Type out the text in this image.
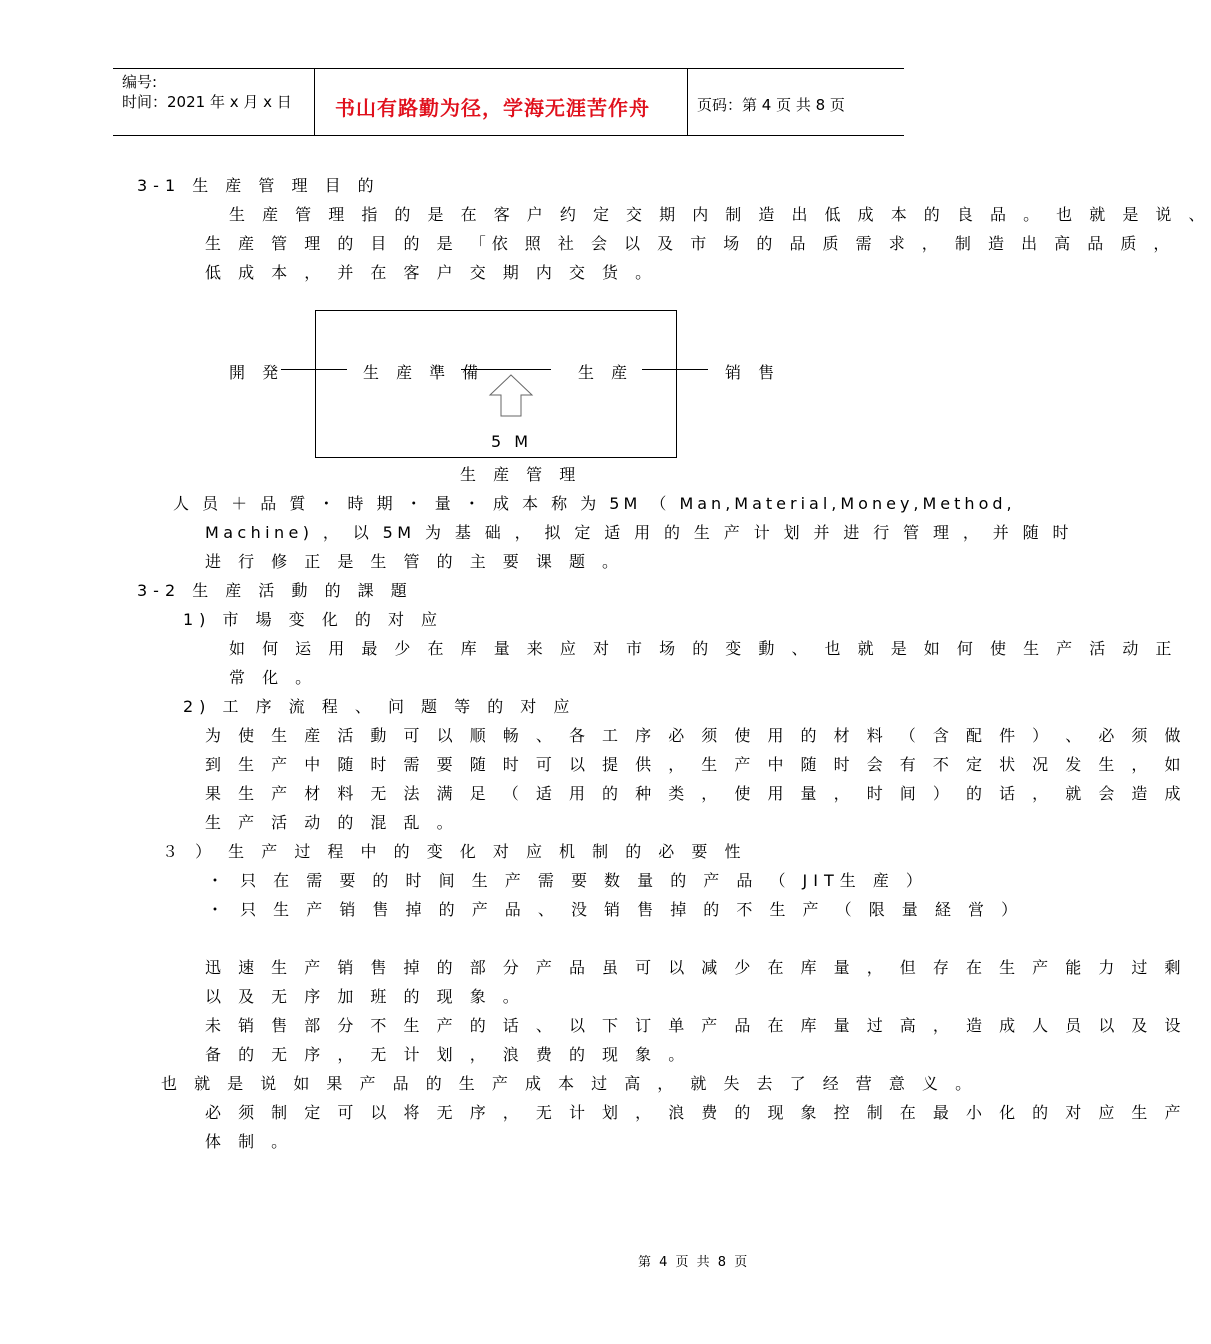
编号:
时间：2021 年 x 月 x 日 书山有路勤为径，学海无涯苦作舟	页码：第 4 页 共 8 页
3-1 生 産 管 理 目 的
生 産 管 理 指 的 是 在 客 户 约 定 交 期 内 制 造 出 低 成 本 的 良 品 。 也 就 是 说 、
生 産 管 理 的 目 的 是 「依 照 社 会 以 及 市 场 的 品 质 需 求 ， 制 造 出 高 品 质 ，
低 成 本 ， 并 在 客 户 交 期 内 交 货 。
開 発	生 産 準 備	生 産	销 售
5 M
生 産 管 理
人 员 ＋ 品 質 ・ 時 期 ・ 量 ・ 成 本 称 为 5M （ Man,Material,Money,Method,
Machine) ， 以 5M 为 基 础 ， 拟 定 适 用 的 生 产 计 划 并 进 行 管 理 ， 并 随 时
进 行 修 正 是 生 管 的 主 要 课 题 。
3-2 生 産 活 動 的 課 題
1) 市 場 变 化 的 对 应
如 何 运 用 最 少 在 库 量 来 应 对 市 场 的 变 動 、 也 就 是 如 何 使 生 产 活 动 正
常 化 。
2) 工 序 流 程 、 问 题 等 的 对 应
为 使 生 産 活 動 可 以 顺 畅 、 各 工 序 必 须 使 用 的 材 料 （ 含 配 件 ） 、 必 须 做
到 生 产 中 随 时 需 要 随 时 可 以 提 供 ， 生 产 中 随 时 会 有 不 定 状 况 发 生 ， 如
果 生 产 材 料 无 法 满 足 （ 适 用 的 种 类 ， 使 用 量 ， 时 间 ） 的 话 ， 就 会 造 成
生 产 活 动 的 混 乱 。
３ ） 生 产 过 程 中 的 变 化 对 应 机 制 的 必 要 性
・ 只 在 需 要 的 时 间 生 产 需 要 数 量 的 产 品 （ JIT生 産 ）
・ 只 生 产 销 售 掉 的 产 品 、 没 销 售 掉 的 不 生 产 （ 限 量 経 営 ）
迅 速 生 产 销 售 掉 的 部 分 产 品 虽 可 以 减 少 在 库 量 ， 但 存 在 生 产 能 力 过 剩
以 及 无 序 加 班 的 现 象 。
未 销 售 部 分 不 生 产 的 话 、 以 下 订 单 产 品 在 库 量 过 高 ， 造 成 人 员 以 及 设
备 的 无 序 ， 无 计 划 ， 浪 费 的 现 象 。
也 就 是 说 如 果 产 品 的 生 产 成 本 过 高 ， 就 失 去 了 经 营 意 义 。
必 须 制 定 可 以 将 无 序 ， 无 计 划 ， 浪 费 的 现 象 控 制 在 最 小 化 的 对 应 生 产
体 制 。
第 4 页 共 8 页
